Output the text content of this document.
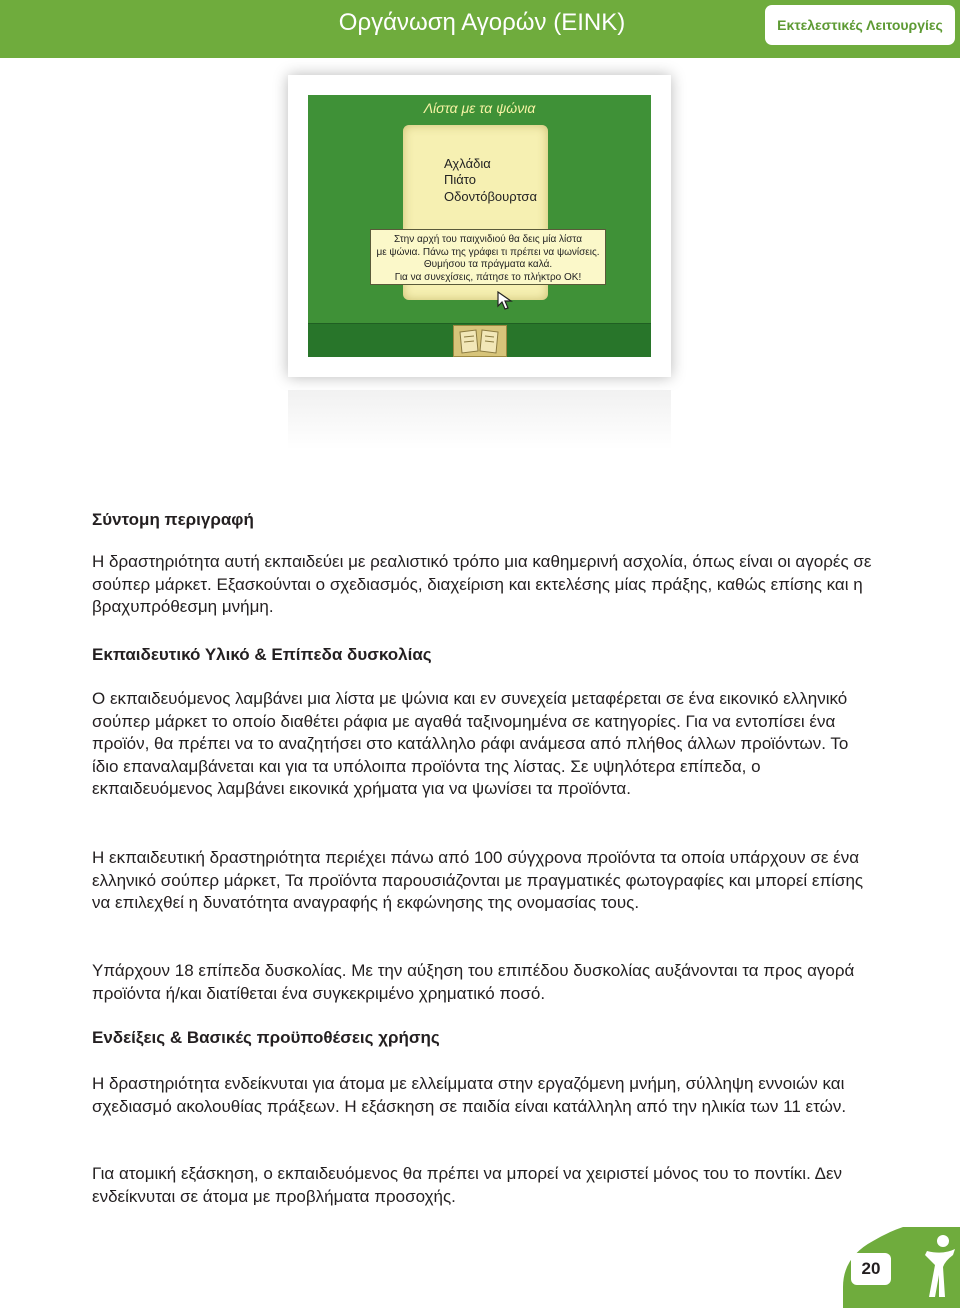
Οργάνωση Αγορών (ΕΙΝΚ)	Εκτελεστικές Λειτουργίες
Λίστα με τα ψώνια
Αχλάδια
Πιάτο
Οδοντόβουρτσα
Στην αρχή του παιχνιδιού θα δεις μία λίστα
με ψώνια. Πάνω της γράφει τι πρέπει να ψωνίσεις.
Θυμήσου τα πράγματα καλά.
Για να συνεχίσεις, πάτησε το πλήκτρο ΟΚ!
Σύντομη περιγραφή
Η δραστηριότητα αυτή εκπαιδεύει με ρεαλιστικό τρόπο μια καθημερινή ασχολία, όπως είναι οι αγορές σε σούπερ μάρκετ. Εξασκούνται ο σχεδιασμός, διαχείριση και εκτελέσης μίας πράξης, καθώς επίσης και η βραχυπρόθεσμη μνήμη.
Εκπαιδευτικό Υλικό & Επίπεδα δυσκολίας
Ο εκπαιδευόμενος λαμβάνει μια λίστα με ψώνια και εν συνεχεία μεταφέρεται σε ένα εικονικό ελληνικό σούπερ μάρκετ το οποίο διαθέτει ράφια με αγαθά ταξινομημένα σε κατηγορίες. Για να εντοπίσει ένα προϊόν, θα πρέπει να το αναζητήσει στο κατάλληλο ράφι ανάμεσα από πλήθος άλλων προϊόντων. Το ίδιο επαναλαμβάνεται και για τα υπόλοιπα προϊόντα της λίστας. Σε υψηλότερα επίπεδα, ο εκπαιδευόμενος λαμβάνει εικονικά χρήματα για να ψωνίσει τα προϊόντα.
Η εκπαιδευτική δραστηριότητα περιέχει πάνω από 100 σύγχρονα προϊόντα τα οποία υπάρχουν σε ένα ελληνικό σούπερ μάρκετ, Τα προϊόντα παρουσιάζονται με πραγματικές φωτογραφίες και μπορεί επίσης να επιλεχθεί η δυνατότητα αναγραφής ή εκφώνησης της ονομασίας τους.
Υπάρχουν 18 επίπεδα δυσκολίας. Με την αύξηση του επιπέδου δυσκολίας αυξάνονται τα προς αγορά προϊόντα ή/και διατίθεται ένα συγκεκριμένο χρηματικό ποσό.
Ενδείξεις & Βασικές προϋποθέσεις χρήσης
Η δραστηριότητα ενδείκνυται για άτομα με ελλείμματα στην εργαζόμενη μνήμη, σύλληψη εννοιών και σχεδιασμό ακολουθίας πράξεων. Η εξάσκηση σε παιδία είναι κατάλληλη από την ηλικία των 11 ετών.
Για ατομική εξάσκηση, ο εκπαιδευόμενος θα πρέπει να μπορεί να χειριστεί μόνος του το ποντίκι. Δεν ενδείκνυται σε άτομα με προβλήματα προσοχής.
20
